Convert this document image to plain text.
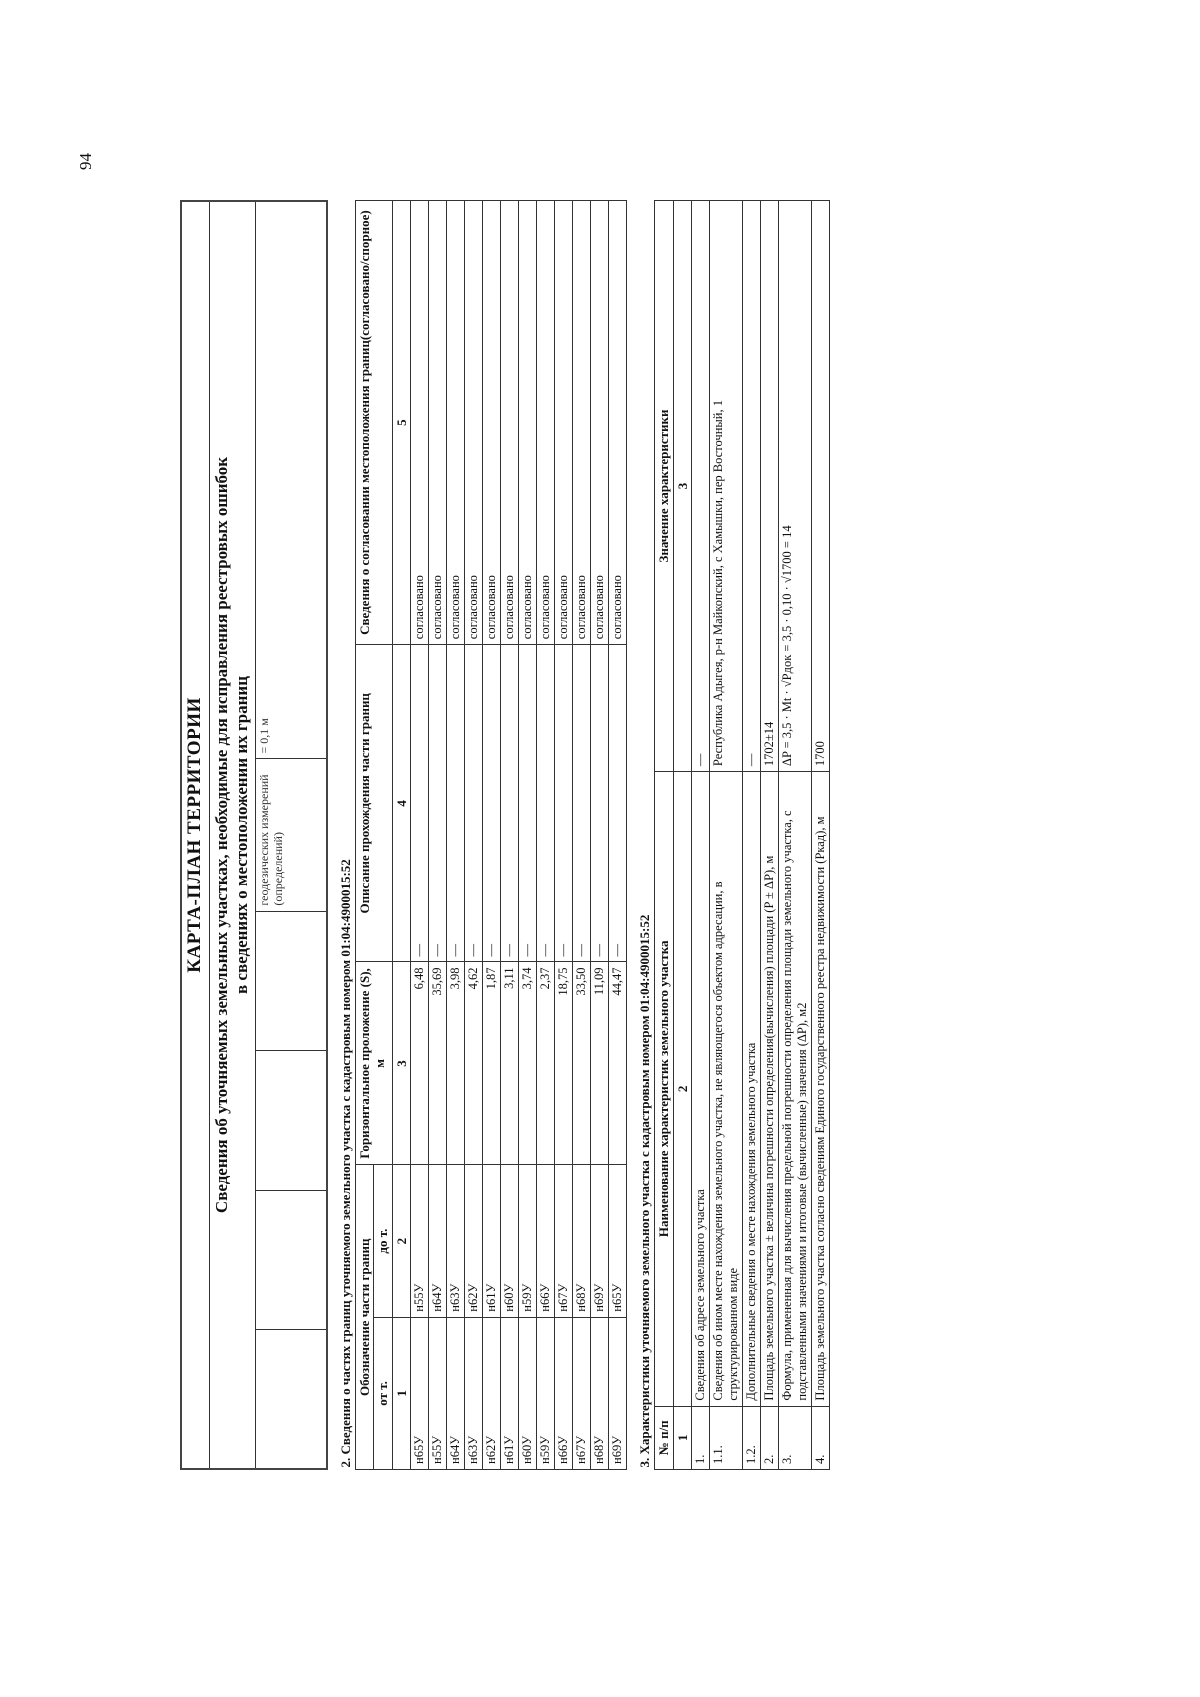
94
КАРТА-ПЛАН ТЕРРИТОРИИ

Сведения об уточняемых земельных участках, необходимые для исправления реестровых ошибок в сведениях о местоположении их границ

				геодезических измерений (определений)	= 0,1 м
2. Сведения о частях границ уточняемого земельного участка с кадастровым номером 01:04:4900015:52				
Обозначение части границ		Горизонтальное проложение (S), м	Описание прохождения части границ	Сведения о согласовании местоположения границ(согласовано/спорное)
от т.	до т.			
1	2	3	4	5
н65У	н55У	6,48	—	согласовано
н55У	н64У	35,69	—	согласовано
н64У	н63У	3,98	—	согласовано
н63У	н62У	4,62	—	согласовано
н62У	н61У	1,87	—	согласовано
н61У	н60У	3,11	—	согласовано
н60У	н59У	3,74	—	согласовано
н59У	н66У	2,37	—	согласовано
н66У	н67У	18,75	—	согласовано
н67У	н68У	33,50	—	согласовано
н68У	н69У	11,09	—	согласовано
н69У	н65У	44,47	—	согласовано
3. Характеристики уточняемого земельного участка с кадастровым номером 01:04:4900015:52		
№ п/п	Наименование характеристик земельного участка	Значение характеристики
1	2	3
1.	Сведения об адресе земельного участка	—
1.1.	Сведения об ином месте нахождения земельного участка, не являющегося объектом адресации, в структурированном виде	Республика Адыгея, р-н Майкопский, с Хамышки, пер Восточный, 1
1.2.	Дополнительные сведения о месте нахождения земельного участка	—
2.	Площадь земельного участка ± величина погрешности определения(вычисления) площади (P ± ΔP), м	1702±14
3.	Формула, примененная для вычисления предельной погрешности определения площади земельного участка, с подставленными значениями и итоговые (вычисленные) значения (ΔP), м2	ΔP = 3,5 · Mt · √Pдок = 3,5 · 0,10 · √1700 = 14
4.	Площадь земельного участка согласно сведениям Единого государственного реестра недвижимости (Ркад), м	1700
